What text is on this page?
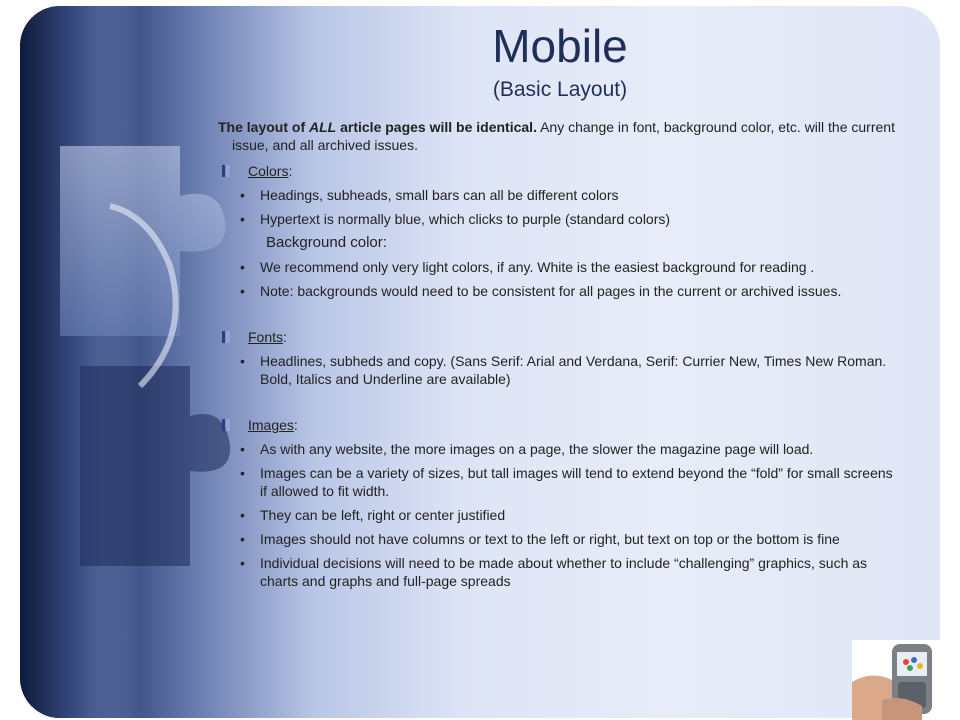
Mobile
(Basic Layout)

The layout of ALL article pages will be identical. Any change in font, background color, etc. will the current issue, and all archived issues.

Colors:

• Headings, subheads, small bars can all be different colors

• Hypertext is normally blue, which clicks to purple (standard colors)

Background color:

• We recommend only very light colors, if any. White is the easiest background for reading .

• Note: backgrounds would need to be consistent for all pages in the current or archived issues.

Fonts:

• Headlines, subheds and copy. (Sans Serif: Arial and Verdana, Serif: Currier New, Times New Roman. Bold, Italics and Underline are available)

Images:

• As with any website, the more images on a page, the slower the magazine page will load.

• Images can be a variety of sizes, but tall images will tend to extend beyond the “fold” for small screens if allowed to fit width.

• They can be left, right or center justified

• Images should not have columns or text to the left or right, but text on top or the bottom is fine

• Individual decisions will need to be made about whether to include “challenging” graphics, such as charts and graphs and full-page spreads
